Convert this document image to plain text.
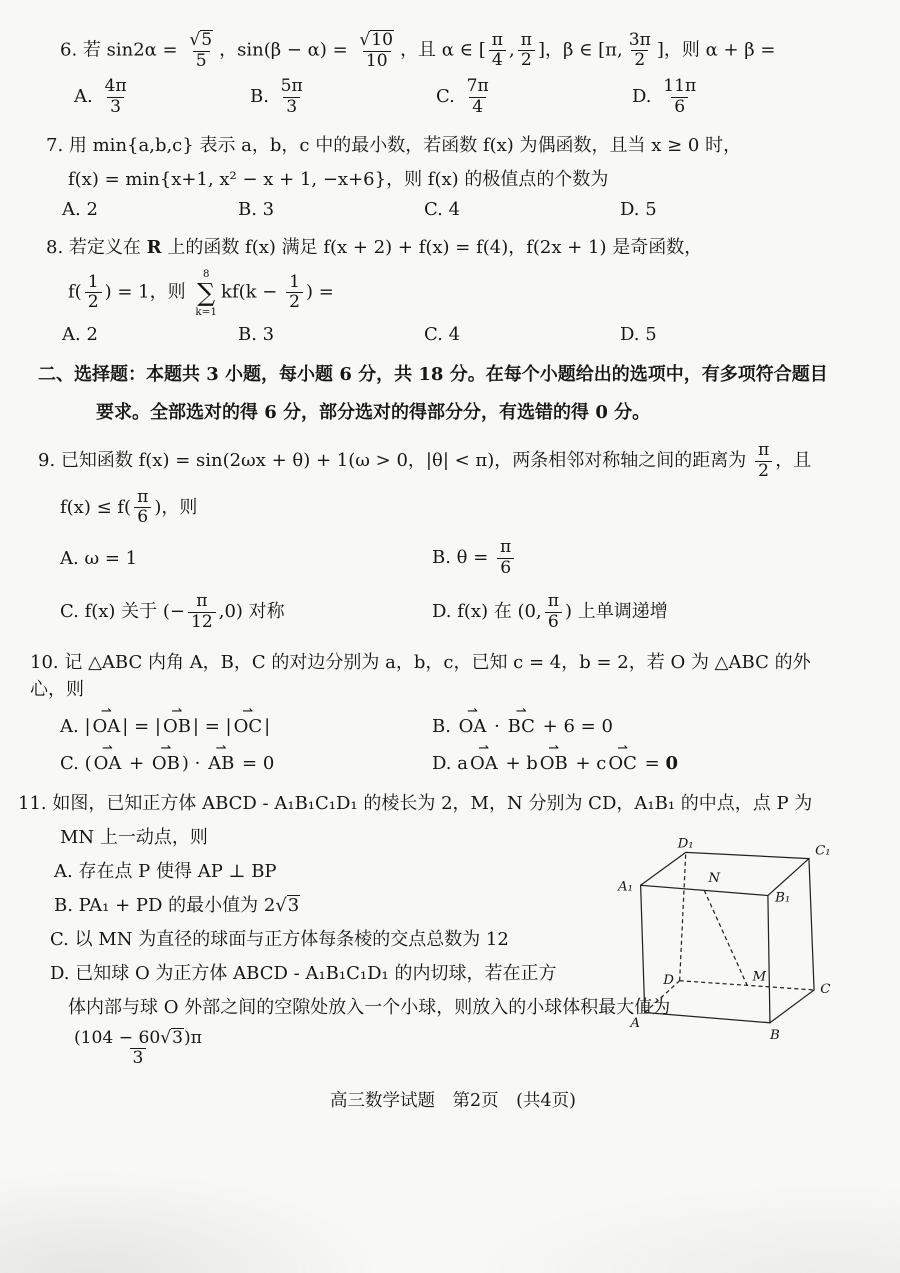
6. 若 $\sin 2\alpha = \frac{√5}{5}$ ，$\sin(\beta - \alpha) = \frac{√10}{10}$ ，且 α ∈ [ $\frac{\pi}{4}$ , $\frac{\pi}{2}$ ]，β ∈ [π, $\frac{3\pi}{2}$ ]，则 α + β =
A. $\frac{4\pi}{3}$	B. $\frac{5\pi}{3}$	C. $\frac{7\pi}{4}$	D. $\frac{11\pi}{6}$
7. 用 min{a,b,c} 表示 a，b，c 中的最小数，若函数 f(x) 为偶函数，且当 x ≥ 0 时，
f(x) = min{x+1, x² − x + 1, −x+6}，则 f(x) 的极值点的个数为
A. 2	B. 3	C. 4	D. 5
8. 若定义在 R 上的函数 f(x) 满足 f(x + 2) + f(x) = f(4)，f(2x + 1) 是奇函数，
$f( \frac{1}{2}$ ) = 1，则
8
∑
k=1
$kf(k - \frac{1}{2}$ ) =
A. 2	B. 3	C. 4	D. 5
二、选择题：本题共 3 小题，每小题 6 分，共 18 分。在每个小题给出的选项中，有多项符合题目
要求。全部选对的得 6 分，部分选对的得部分分，有选错的得 0 分。
9. 已知函数 f(x) = sin(2ωx + θ) + 1(ω > 0，|θ| < π)，两条相邻对称轴之间的距离为 $\frac{\pi}{2}$ ，且
$f(x) \le f( \frac{\pi}{6}$ )，则
A. ω = 1	B. $\theta = \frac{\pi}{6}$
C. f(x) 关于 (− $\frac{\pi}{12} ,0$) 对称	D. f(x) 在 (0, $\frac{\pi}{6}$ ) 上单调递增
10. 记 △ABC 内角 A，B，C 的对边分别为 a，b，c，已知 c = 4，b = 2，若 O 为 △ABC 的外心，则
A. | OA ⇀ | = | OB ⇀ | = | OC ⇀ |	B. OA ⇀ · BC ⇀ + 6 = 0
C. ( OA ⇀ + OB ⇀ ) · AB ⇀ = 0	D. a OA ⇀ + b OB ⇀ + c OC ⇀ = 0
11. 如图，已知正方体 ABCD - A₁B₁C₁D₁ 的棱长为 2，M，N 分别为 CD，A₁B₁ 的中点，点 P 为
MN 上一动点，则
A. 存在点 P 使得 AP ⊥ BP
B. PA₁ + PD 的最小值为 2√3
C. 以 MN 为直径的球面与正方体每条棱的交点总数为 12
D. 已知球 O 为正方体 ABCD - A₁B₁C₁D₁ 的内切球，若在正方
体内部与球 O 外部之间的空隙处放入一个小球，则放入的小球体积最大值为
$\frac{(104 - 60√3)\pi}{3}$
A
B
C
D
A₁
B₁
C₁
D₁
N
M
高三数学试题　第2页　(共4页)
